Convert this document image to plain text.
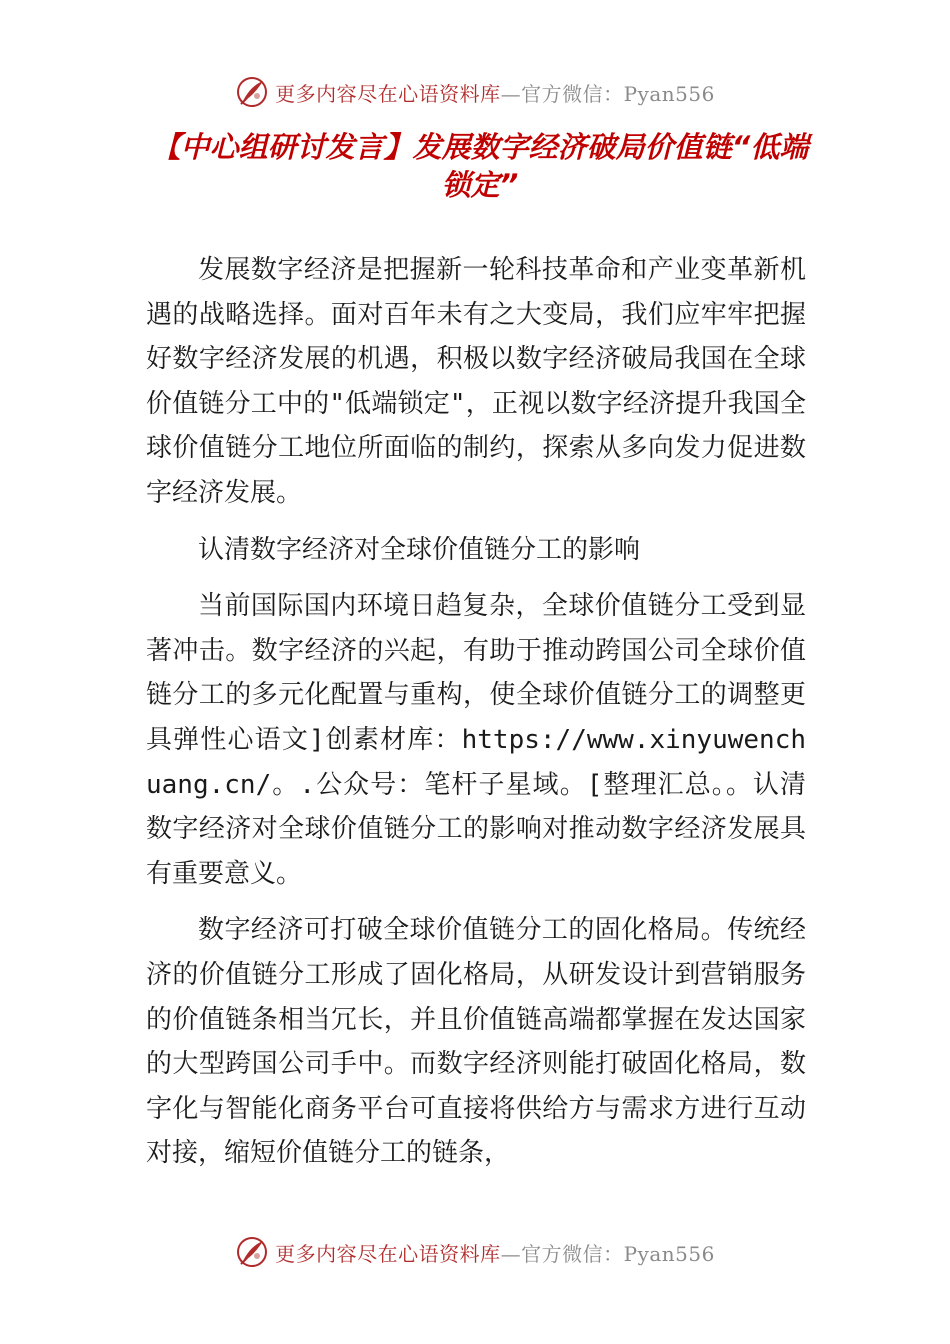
更多内容尽在心语资料库—官方微信：Pyan556
【中心组研讨发言】发展数字经济破局价值链“低端锁定”

发展数字经济是把握新一轮科技革命和产业变革新机遇的战略选择。面对百年未有之大变局，我们应牢牢把握好数字经济发展的机遇，积极以数字经济破局我国在全球价值链分工中的"低端锁定"，正视以数字经济提升我国全球价值链分工地位所面临的制约，探索从多向发力促进数字经济发展。

认清数字经济对全球价值链分工的影响

当前国际国内环境日趋复杂，全球价值链分工受到显著冲击。数字经济的兴起，有助于推动跨国公司全球价值链分工的多元化配置与重构，使全球价值链分工的调整更具弹性心语文]创素材库：https://www.xinyuwenchuang.cn/。.公众号：笔杆子星域。[整理汇总。。认清数字经济对全球价值链分工的影响对推动数字经济发展具有重要意义。

数字经济可打破全球价值链分工的固化格局。传统经济的价值链分工形成了固化格局，从研发设计到营销服务的价值链条相当冗长，并且价值链高端都掌握在发达国家的大型跨国公司手中。而数字经济则能打破固化格局，数字化与智能化商务平台可直接将供给方与需求方进行互动对接，缩短价值链分工的链条，

更多内容尽在心语资料库—官方微信：Pyan556
